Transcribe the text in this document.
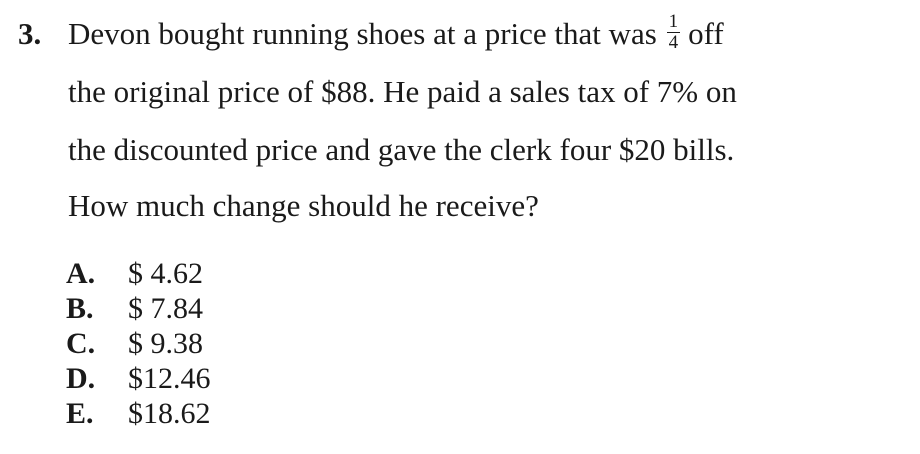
3. Devon bought running shoes at a price that was $\frac{1}{4}$ off
the original price of $88. He paid a sales tax of 7% on
the discounted price and gave the clerk four $20 bills.
How much change should he receive?
A. $ 4.62
B. $ 7.84
C. $ 9.38
D. $12.46
E. $18.62
